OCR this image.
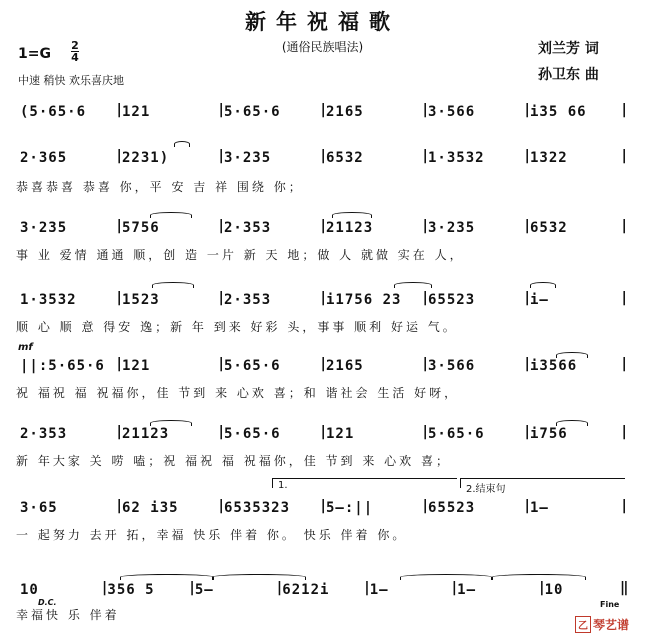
新年祝福歌
(通俗民族唱法)	刘兰芳 词
孙卫东 曲
1=G
2
4
中速 稍快 欢乐喜庆地
mf
(5·65·6	121
|	5·65·6
|	2165
|	3·566
|	i35 66
|	|
2·365	2231)
|	3·235
|	6532
|	1·3532
|	1322
|	|
恭喜恭喜 恭喜 你，平 安 吉 祥 围绕 你；
3·235	5756
|	2·353
|	21123
|	3·235
|	6532
|	|
事 业 爱情 通通 顺，创 造 一片 新 天 地；做 人 就做 实在 人，
1·3532	1523
|	2·353
|	i1756 23
|	65523
|	i—
|	|
顺 心 顺 意 得安 逸；新 年 到来 好彩 头，事事 顺利 好运 气。
||:5·65·6 121
|	5·65·6
|	2165
|	3·566
|	i3566
|	|
祝 福祝 福 祝福你，佳 节到 来 心欢 喜；和 谐社会 生活 好呀，
2·353	21123
|	5·65·6
|	121
|	5·65·6
|	i756
|	|
新 年大家 关 唠 嗑；祝 福祝 福 祝福你，佳 节到 来 心欢 喜；
3·65	62 i35
|	6535323
|	5—:||
|	65523
|	1—
|	|
一 起努力 去开 拓，幸福 快乐 伴着 你。 快乐 伴着 你。
10	356 5
|	5—
|	6212i
|	1—
|	1—
|	10
|	‖
幸福快 乐 伴着
1.	2.结束句
D.C.	Fine
乙 琴艺谱
